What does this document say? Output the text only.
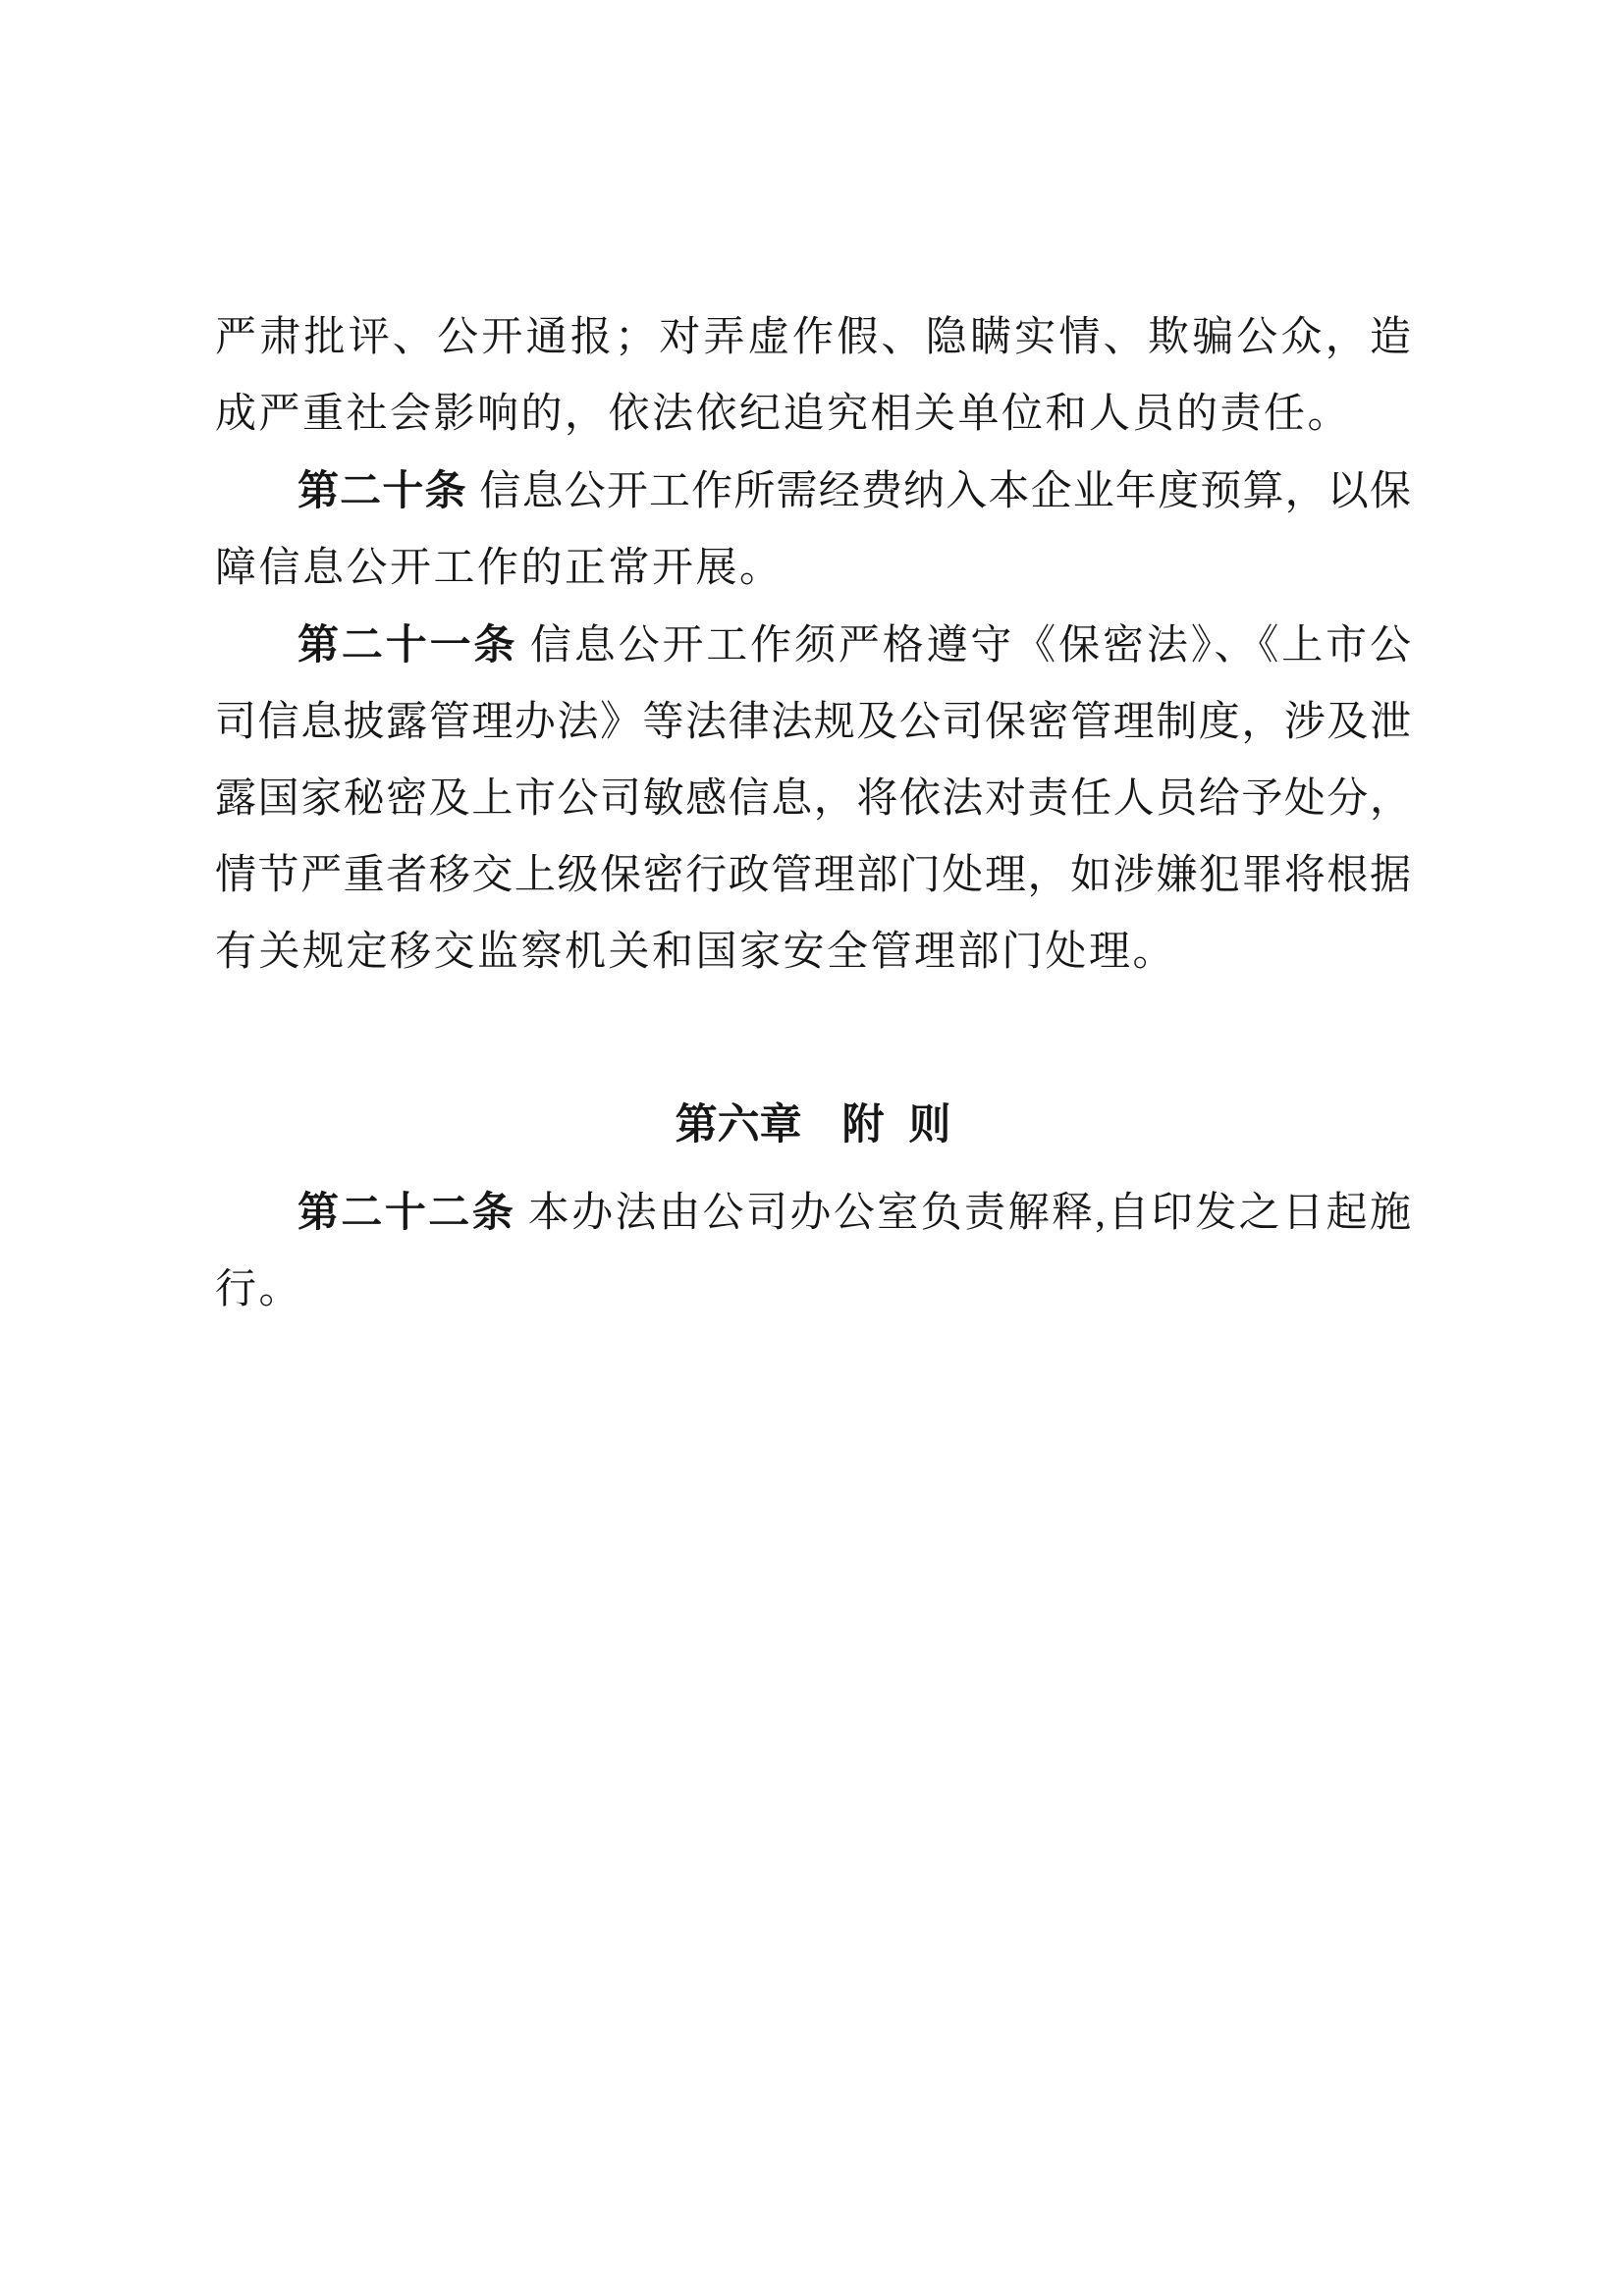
严肃批评、公开通报；对弄虚作假、隐瞒实情、欺骗公众，造
成严重社会影响的，依法依纪追究相关单位和人员的责任。
第二十条 信息公开工作所需经费纳入本企业年度预算，以保
障信息公开工作的正常开展。
第二十一条 信息公开工作须严格遵守《保密法》、《上市公
司信息披露管理办法》等法律法规及公司保密管理制度，涉及泄
露国家秘密及上市公司敏感信息，将依法对责任人员给予处分，
情节严重者移交上级保密行政管理部门处理，如涉嫌犯罪将根据
有关规定移交监察机关和国家安全管理部门处理。
第六章 附 则
第二十二条 本办法由公司办公室负责解释,自印发之日起施
行。
